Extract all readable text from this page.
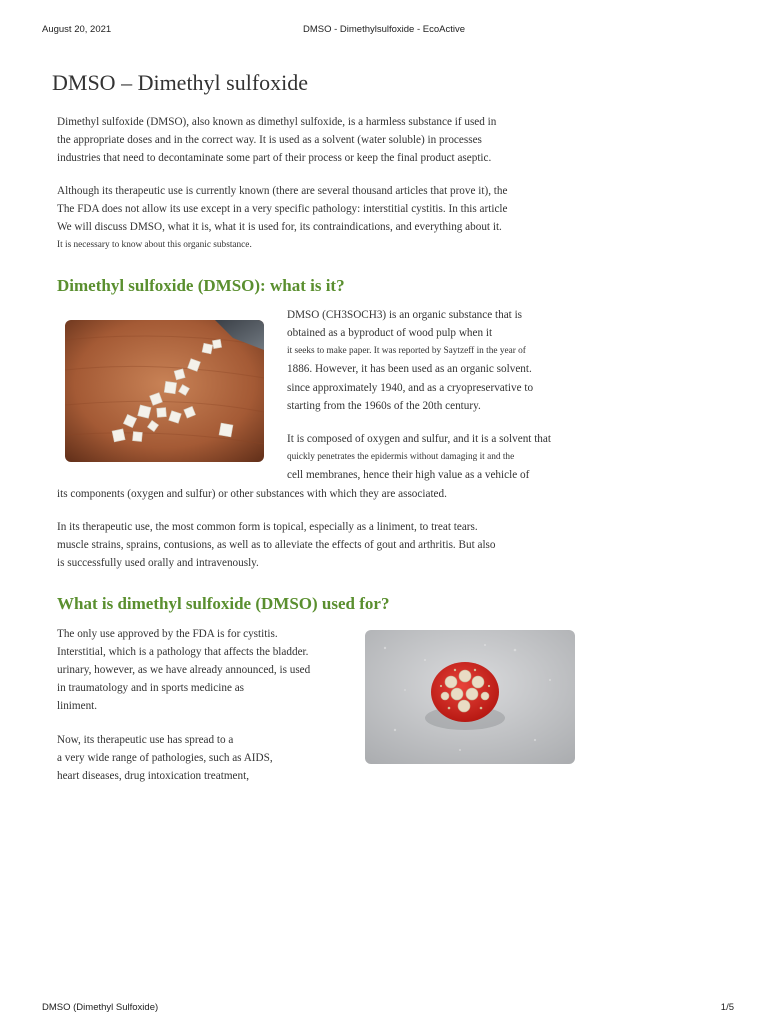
August 20, 2021	DMSO - Dimethylsulfoxide - EcoActive
DMSO – Dimethyl sulfoxide
Dimethyl sulfoxide (DMSO), also known as dimethyl sulfoxide, is a harmless substance if used in
the appropriate doses and in the correct way. It is used as a solvent (water soluble) in processes
industries that need to decontaminate some part of their process or keep the final product aseptic.
Although its therapeutic use is currently known (there are several thousand articles that prove it), the
The FDA does not allow its use except in a very specific pathology: interstitial cystitis. In this article
We will discuss DMSO, what it is, what it is used for, its contraindications, and everything about it.
It is necessary to know about this organic substance.
Dimethyl sulfoxide (DMSO): what is it?
DMSO (CH3SOCH3) is an organic substance that is
obtained as a byproduct of wood pulp when it
it seeks to make paper. It was reported by Saytzeff in the year of
1886. However, it has been used as an organic solvent.
since approximately 1940, and as a cryopreservative to
starting from the 1960s of the 20th century.
It is composed of oxygen and sulfur, and it is a solvent that
quickly penetrates the epidermis without damaging it and the
cell membranes, hence their high value as a vehicle of
its components (oxygen and sulfur) or other substances with which they are associated.
In its therapeutic use, the most common form is topical, especially as a liniment, to treat tears.
muscle strains, sprains, contusions, as well as to alleviate the effects of gout and arthritis. But also
is successfully used orally and intravenously.
What is dimethyl sulfoxide (DMSO) used for?
The only use approved by the FDA is for cystitis.
Interstitial, which is a pathology that affects the bladder.
urinary, however, as we have already announced, is used
in traumatology and in sports medicine as
liniment.
Now, its therapeutic use has spread to a
a very wide range of pathologies, such as AIDS,
heart diseases, drug intoxication treatment,
DMSO (Dimethyl Sulfoxide)	1/5
